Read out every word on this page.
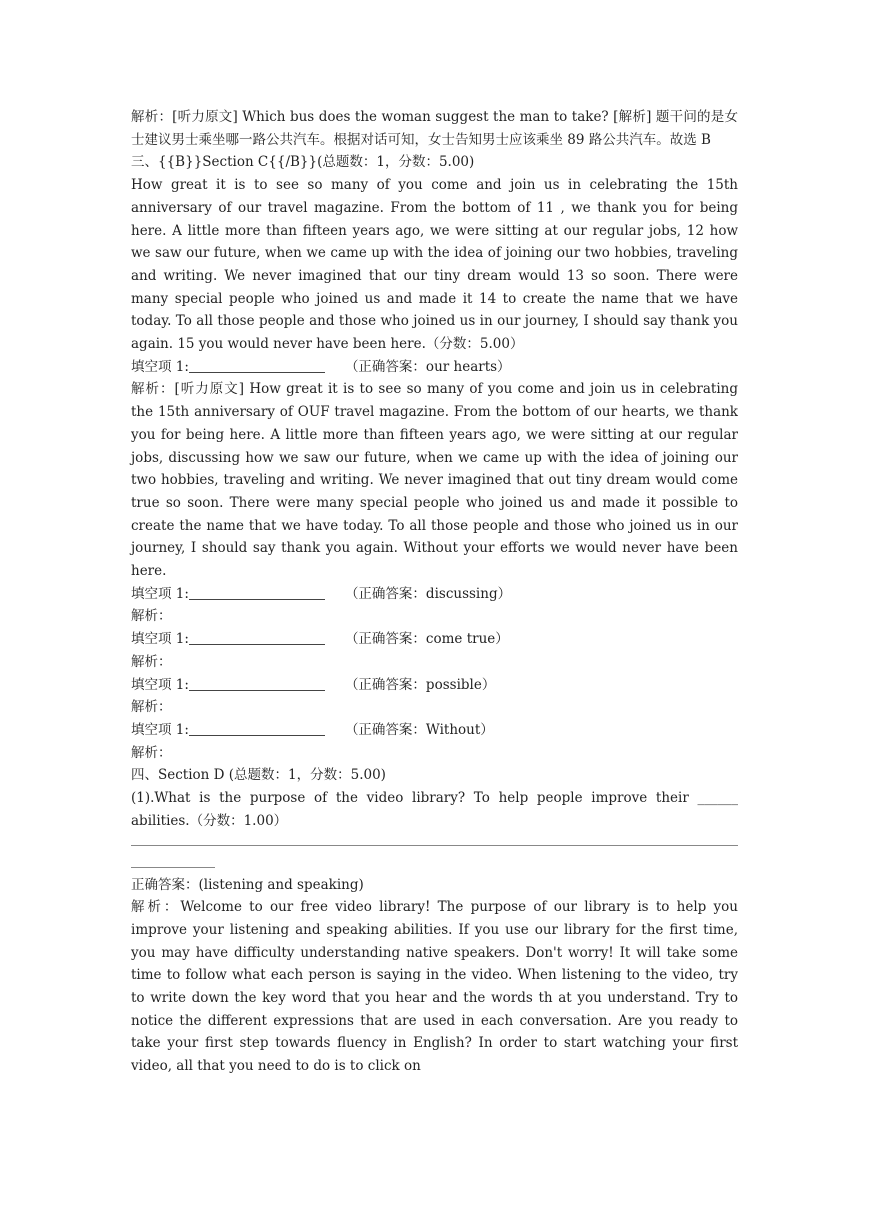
解析：[听力原文] Which bus does the woman suggest the man to take? [解析] 题干问的是女士建议男士乘坐哪一路公共汽车。根据对话可知，女士告知男士应该乘坐 89 路公共汽车。故选 B

三、{{B}}Section C{{/B}}(总题数：1，分数：5.00)

How great it is to see so many of you come and join us in celebrating the 15th anniversary of our travel magazine. From the bottom of 11 , we thank you for being here. A little more than fifteen years ago, we were sitting at our regular jobs, 12 how we saw our future, when we came up with the idea of joining our two hobbies, traveling and writing. We never imagined that our tiny dream would 13 so soon. There were many special people who joined us and made it 14 to create the name that we have today. To all those people and those who joined us in our journey, I should say thank you again. 15 you would never have been here.（分数：5.00）

填空项 1:	（正确答案：our hearts）

解析：[听力原文] How great it is to see so many of you come and join us in celebrating the 15th anniversary of OUF travel magazine. From the bottom of our hearts, we thank you for being here. A little more than fifteen years ago, we were sitting at our regular jobs, discussing how we saw our future, when we came up with the idea of joining our two hobbies, traveling and writing. We never imagined that out tiny dream would come true so soon. There were many special people who joined us and made it possible to create the name that we have today. To all those people and those who joined us in our journey, I should say thank you again. Without your efforts we would never have been here.

填空项 1:	（正确答案：discussing）

解析：

填空项 1:	（正确答案：come true）

解析：

填空项 1:	（正确答案：possible）

解析：

填空项 1:	（正确答案：Without）

解析：

四、Section D (总题数：1，分数：5.00)

(1).What is the purpose of the video library? To help people improve their ______ abilities.（分数：1.00）

正确答案：(listening and speaking)

解析：Welcome to our free video library! The purpose of our library is to help you improve your listening and speaking abilities. If you use our library for the first time, you may have difficulty understanding native speakers. Don't worry! It will take some time to follow what each person is saying in the video. When listening to the video, try to write down the key word that you hear and the words th at you understand. Try to notice the different expressions that are used in each conversation. Are you ready to take your first step towards fluency in English? In order to start watching your first video, all that you need to do is to click on
